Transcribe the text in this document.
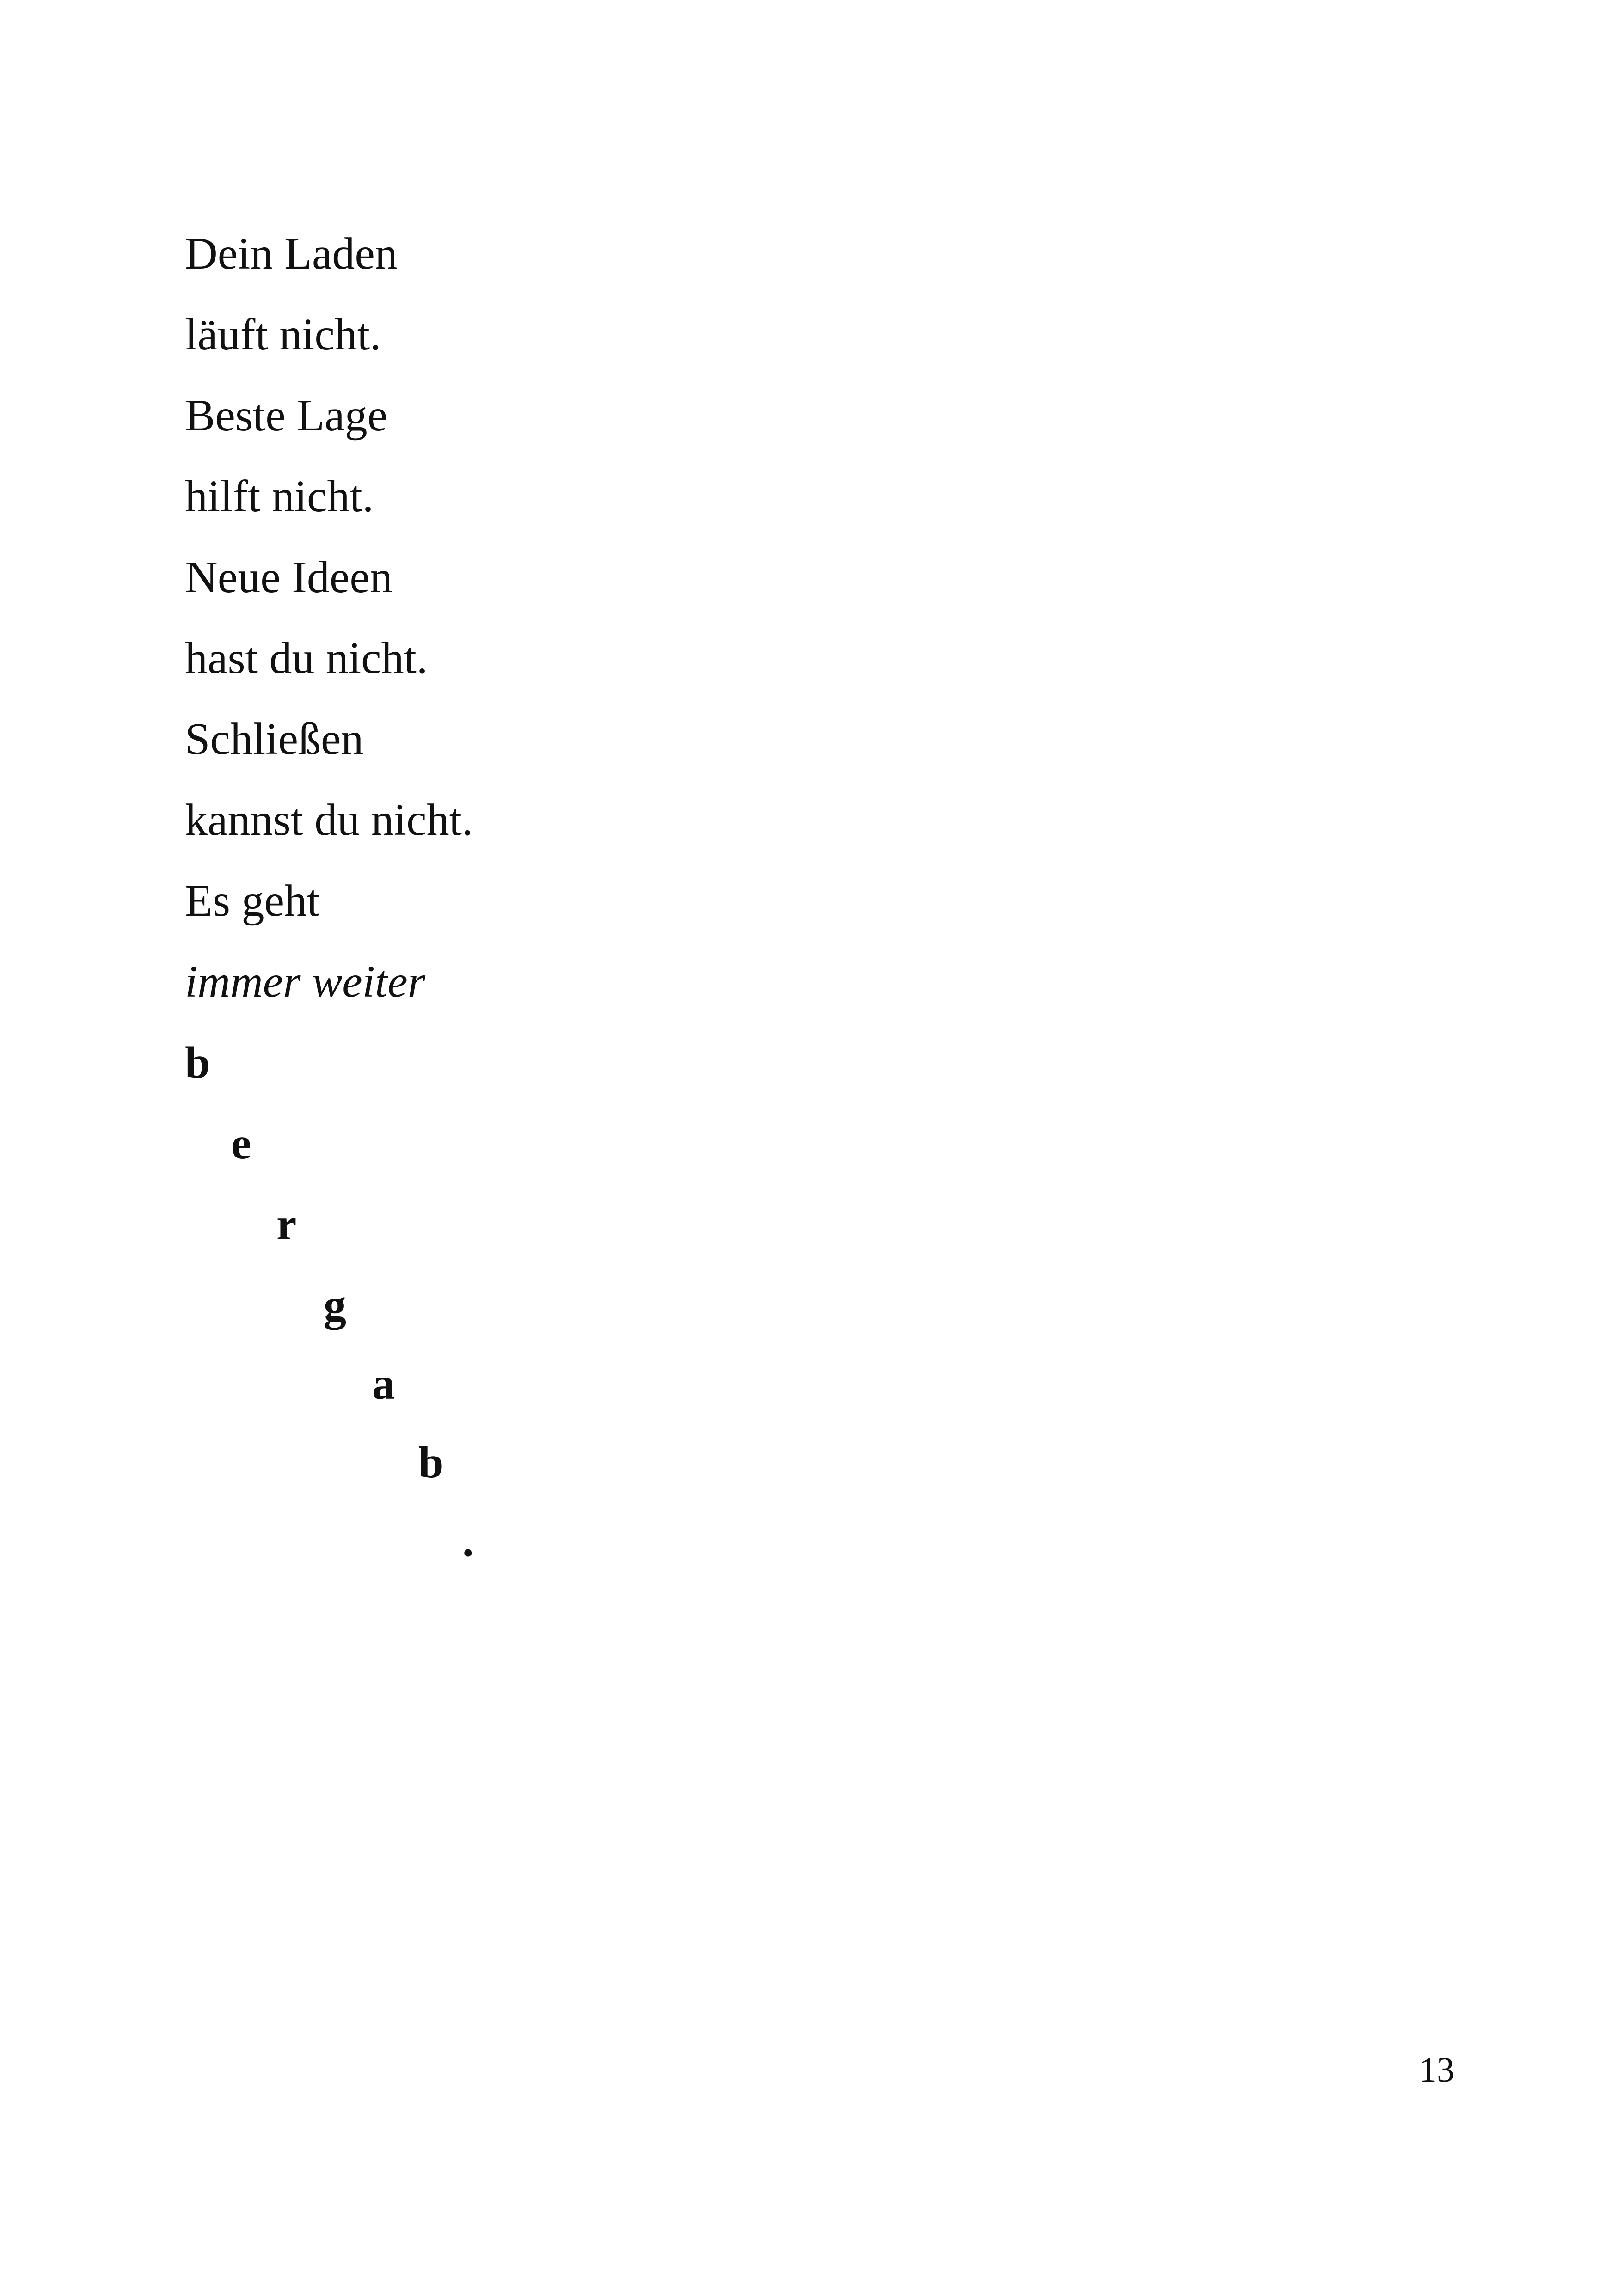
Dein Laden

läuft nicht.

Beste Lage

hilft nicht.

Neue Ideen

hast du nicht.

Schließen

kannst du nicht.

Es geht

immer weiter

b

e

r

g

a

b

.

13
